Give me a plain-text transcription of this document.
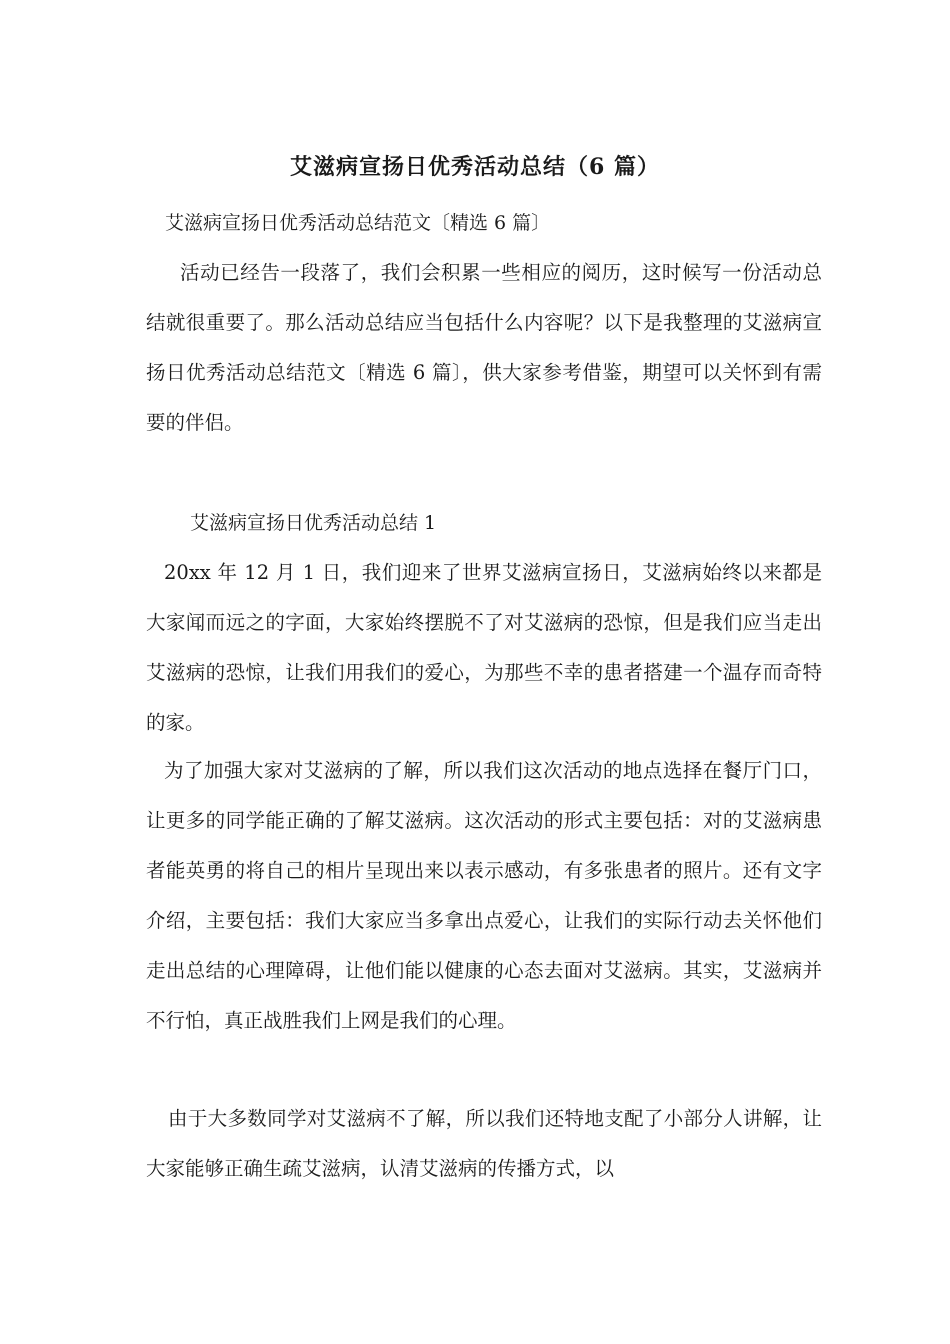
艾滋病宣扬日优秀活动总结（6 篇）
艾滋病宣扬日优秀活动总结范文〔精选 6 篇〕

活动已经告一段落了，我们会积累一些相应的阅历，这时候写一份活动总结就很重要了。那么活动总结应当包括什么内容呢？以下是我整理的艾滋病宣扬日优秀活动总结范文〔精选 6 篇〕，供大家参考借鉴，期望可以关怀到有需要的伴侣。

艾滋病宣扬日优秀活动总结 1

20xx 年 12 月 1 日，我们迎来了世界艾滋病宣扬日，艾滋病始终以来都是大家闻而远之的字面，大家始终摆脱不了对艾滋病的恐惊，但是我们应当走出艾滋病的恐惊，让我们用我们的爱心，为那些不幸的患者搭建一个温存而奇特的家。

为了加强大家对艾滋病的了解，所以我们这次活动的地点选择在餐厅门口，让更多的同学能正确的了解艾滋病。这次活动的形式主要包括：对的艾滋病患者能英勇的将自己的相片呈现出来以表示感动，有多张患者的照片。还有文字介绍，主要包括：我们大家应当多拿出点爱心，让我们的实际行动去关怀他们走出总结的心理障碍，让他们能以健康的心态去面对艾滋病。其实，艾滋病并不行怕，真正战胜我们上网是我们的心理。

由于大多数同学对艾滋病不了解，所以我们还特地支配了小部分人讲解，让大家能够正确生疏艾滋病，认清艾滋病的传播方式，以
